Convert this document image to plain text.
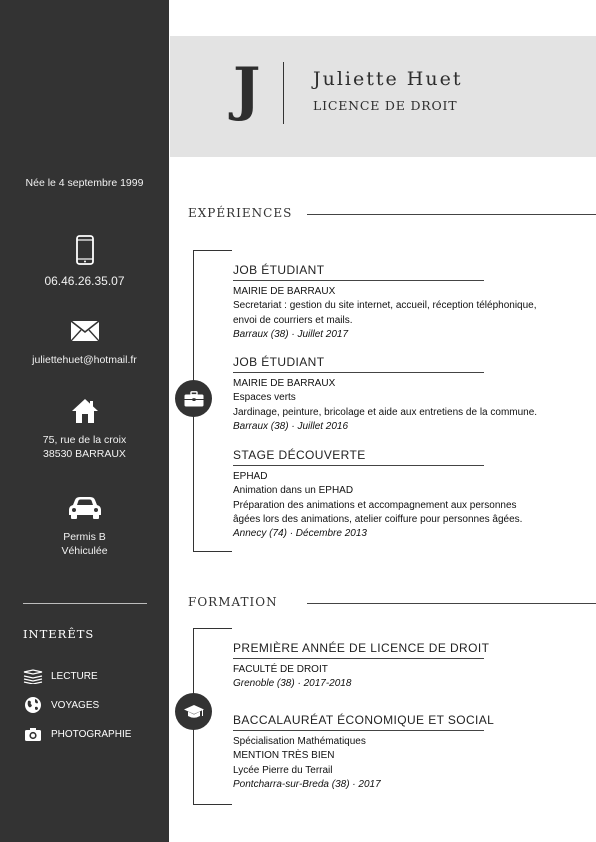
Née le 4 septembre 1999
06.46.26.35.07
juliettehuet@hotmail.fr
75, rue de la croix
38530 BARRAUX
Permis B
Véhiculée
INTERÊTS
LECTURE
VOYAGES
PHOTOGRAPHIE
J	Juliette Huet
LICENCE DE DROIT
EXPÉRIENCES
JOB ÉTUDIANT
MAIRIE DE BARRAUX
Secretariat : gestion du site internet, accueil, réception téléphonique,
envoi de courriers et mails.
Barraux (38) · Juillet 2017
JOB ÉTUDIANT
MAIRIE DE BARRAUX
Espaces verts
Jardinage, peinture, bricolage et aide aux entretiens de la commune.
Barraux (38) · Juillet 2016
STAGE DÉCOUVERTE
EPHAD
Animation dans un EPHAD
Préparation des animations et accompagnement aux personnes
âgées lors des animations, atelier coiffure pour personnes âgées.
Annecy (74) · Décembre 2013
FORMATION
PREMIÈRE ANNÉE DE LICENCE DE DROIT
FACULTÉ DE DROIT
Grenoble (38) · 2017-2018
BACCALAURÉAT ÉCONOMIQUE ET SOCIAL
Spécialisation Mathématiques
MENTION TRÈS BIEN
Lycée Pierre du Terrail
Pontcharra-sur-Breda (38) · 2017
